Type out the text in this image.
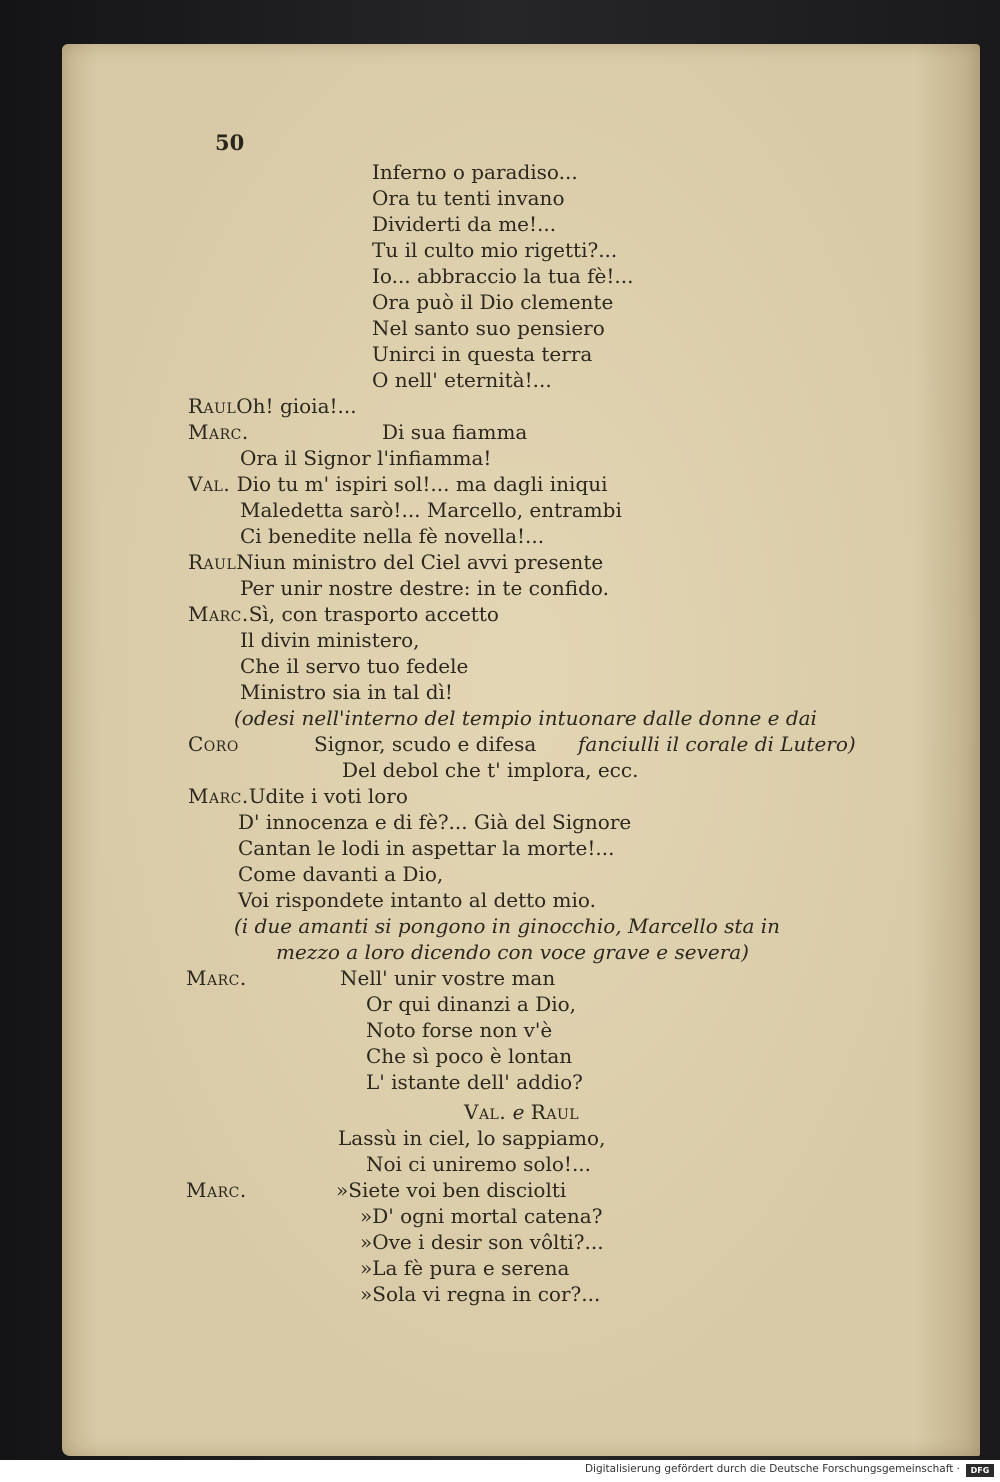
50
Inferno o paradiso...
Ora tu tenti invano
Dividerti da me!...
Tu il culto mio rigetti?...
Io... abbraccio la tua fè!...
Ora può il Dio clemente
Nel santo suo pensiero
Unirci in questa terra
O nell' eternità!...
RaulOh! gioia!...
Marc.	Di sua fiamma
Ora il Signor l'infiamma!
Val. Dio tu m' ispiri sol!... ma dagli iniqui
Maledetta sarò!... Marcello, entrambi
Ci benedite nella fè novella!...
RaulNiun ministro del Ciel avvi presente
Per unir nostre destre: in te confido.
Marc.Sì, con trasporto accetto
Il divin ministero,
Che il servo tuo fedele
Ministro sia in tal dì!
(odesi nell'interno del tempio intuonare dalle donne e dai
Coro	Signor, scudo e difesa fanciulli il corale di Lutero)
Del debol che t' implora, ecc.
Marc.Udite i voti loro
D' innocenza e di fè?... Già del Signore
Cantan le lodi in aspettar la morte!...
Come davanti a Dio,
Voi rispondete intanto al detto mio.
(i due amanti si pongono in ginocchio, Marcello sta in
mezzo a loro dicendo con voce grave e severa)
Marc.	Nell' unir vostre man
Or qui dinanzi a Dio,
Noto forse non v'è
Che sì poco è lontan
L' istante dell' addio?
Val. e Raul
Lassù in ciel, lo sappiamo,
Noi ci uniremo solo!...
Marc.	»Siete voi ben disciolti
»D' ogni mortal catena?
»Ove i desir son vôlti?...
»La fè pura e serena
»Sola vi regna in cor?...
Digitalisierung gefördert durch die Deutsche Forschungsgemeinschaft ·	DFG
